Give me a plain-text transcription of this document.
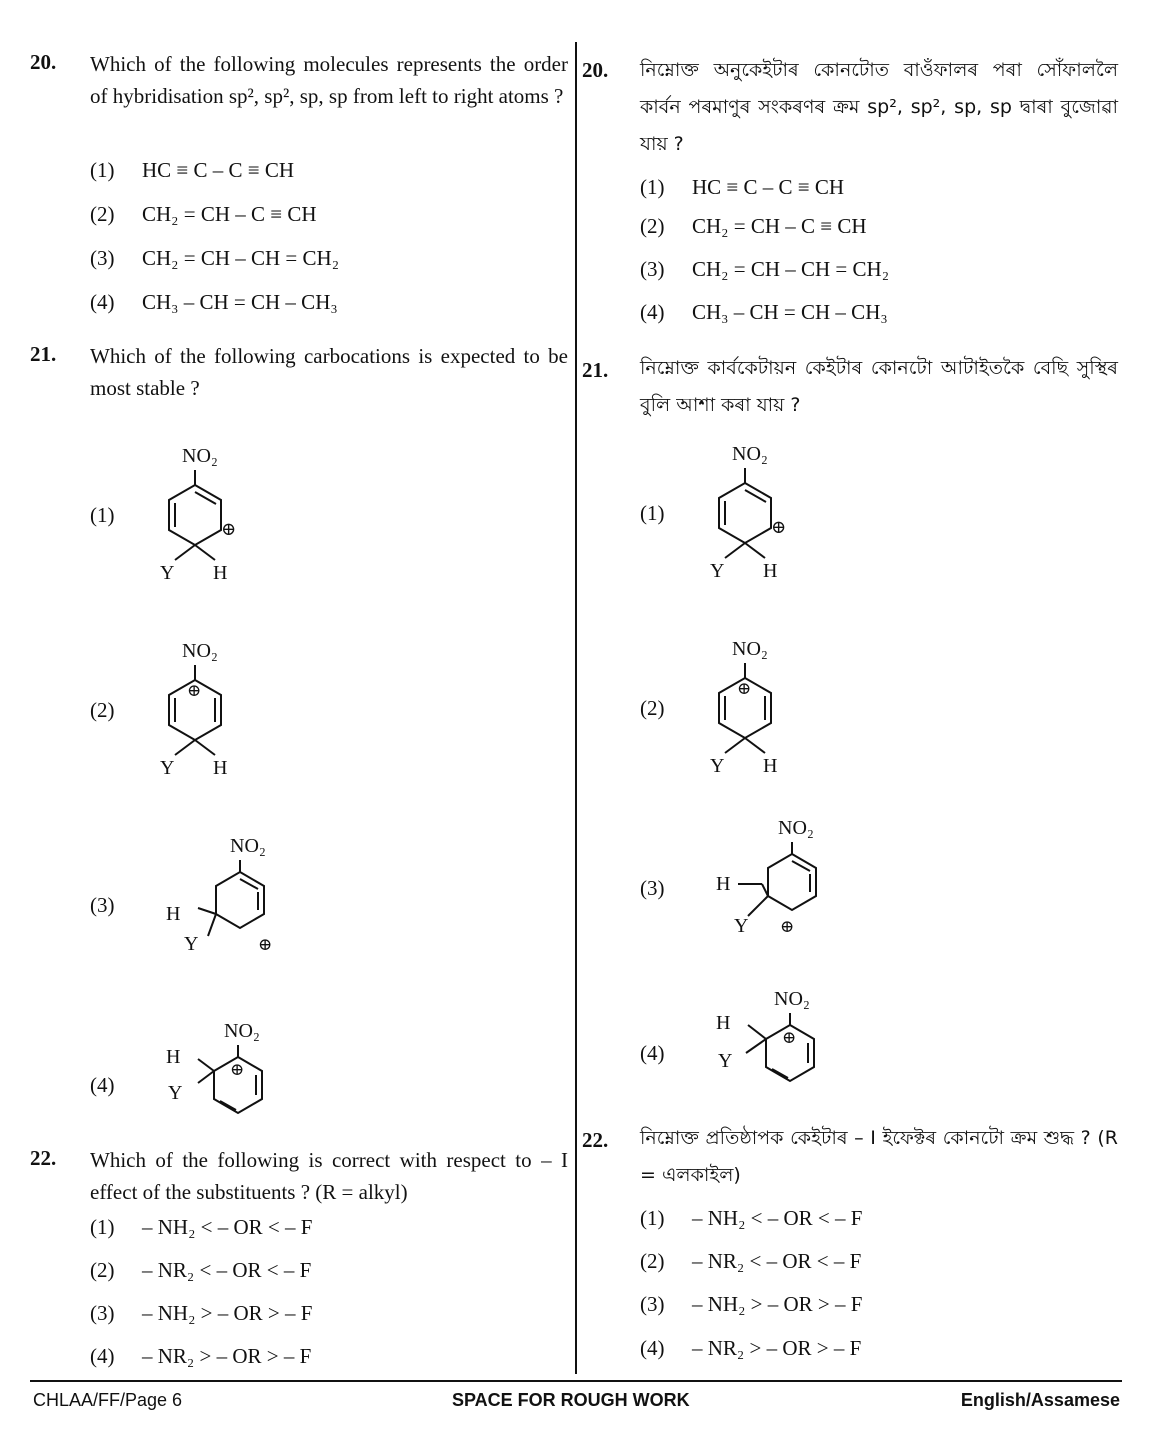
20. Which of the following molecules represents the order of hybridisation sp², sp², sp, sp from left to right atoms ?
(1) HC ≡ C – C ≡ CH
(2) CH₂ = CH – C ≡ CH
(3) CH₂ = CH – CH = CH₂
(4) CH₃ – CH = CH – CH₃
21. Which of the following carbocations is expected to be most stable ?
(1)
NO₂
⊕
Y H
(2)
NO₂
⊕
Y H
(3)
NO₂
⊕
H
Y
(4)
NO₂
⊕
H
Y
22. Which of the following is correct with respect to – I effect of the substituents ? (R = alkyl)
(1) – NH₂ < – OR < – F
(2) – NR₂ < – OR < – F
(3) – NH₂ > – OR > – F
(4) – NR₂ > – OR > – F
20. নিম্নোক্ত অনুকেইটাৰ কোনটোত বাওঁফালৰ পৰা সোঁফাললৈ কাৰ্বন পৰমাণুৰ সংকৰণৰ ক্ৰম sp², sp², sp, sp দ্বাৰা বুজোৱা যায় ?
(1) HC ≡ C – C ≡ CH
(2) CH₂ = CH – C ≡ CH
(3) CH₂ = CH – CH = CH₂
(4) CH₃ – CH = CH – CH₃
21. নিম্নোক্ত কাৰ্বকেটায়ন কেইটাৰ কোনটো আটাইতকৈ বেছি সুস্থিৰ বুলি আশা কৰা যায় ?
(1)
NO₂
⊕
Y H
(2)
NO₂
⊕
Y H
(3)
NO₂
⊕
H
Y
(4)
NO₂
⊕
H
Y
22. নিম্নোক্ত প্ৰতিষ্ঠাপক কেইটাৰ – I ইফেক্টৰ কোনটো ক্ৰম শুদ্ধ ? (R = এলকাইল)
(1) – NH₂ < – OR < – F
(2) – NR₂ < – OR < – F
(3) – NH₂ > – OR > – F
(4) – NR₂ > – OR > – F
CHLAA/FF/Page 6	SPACE FOR ROUGH WORK	English/Assamese
